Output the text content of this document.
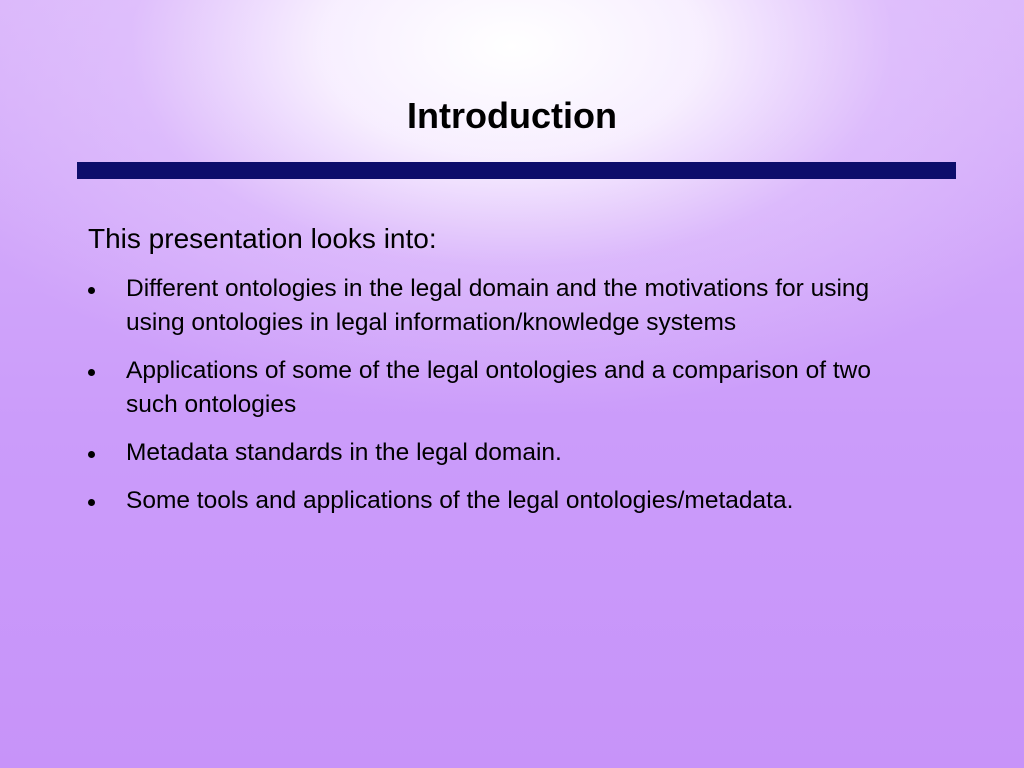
Introduction

This presentation looks into:

Different ontologies in the legal domain and the motivations for using using ontologies in legal information/knowledge systems
Applications of some of the legal ontologies and a comparison of two such ontologies
Metadata standards in the legal domain.
Some tools and applications of the legal ontologies/metadata.
